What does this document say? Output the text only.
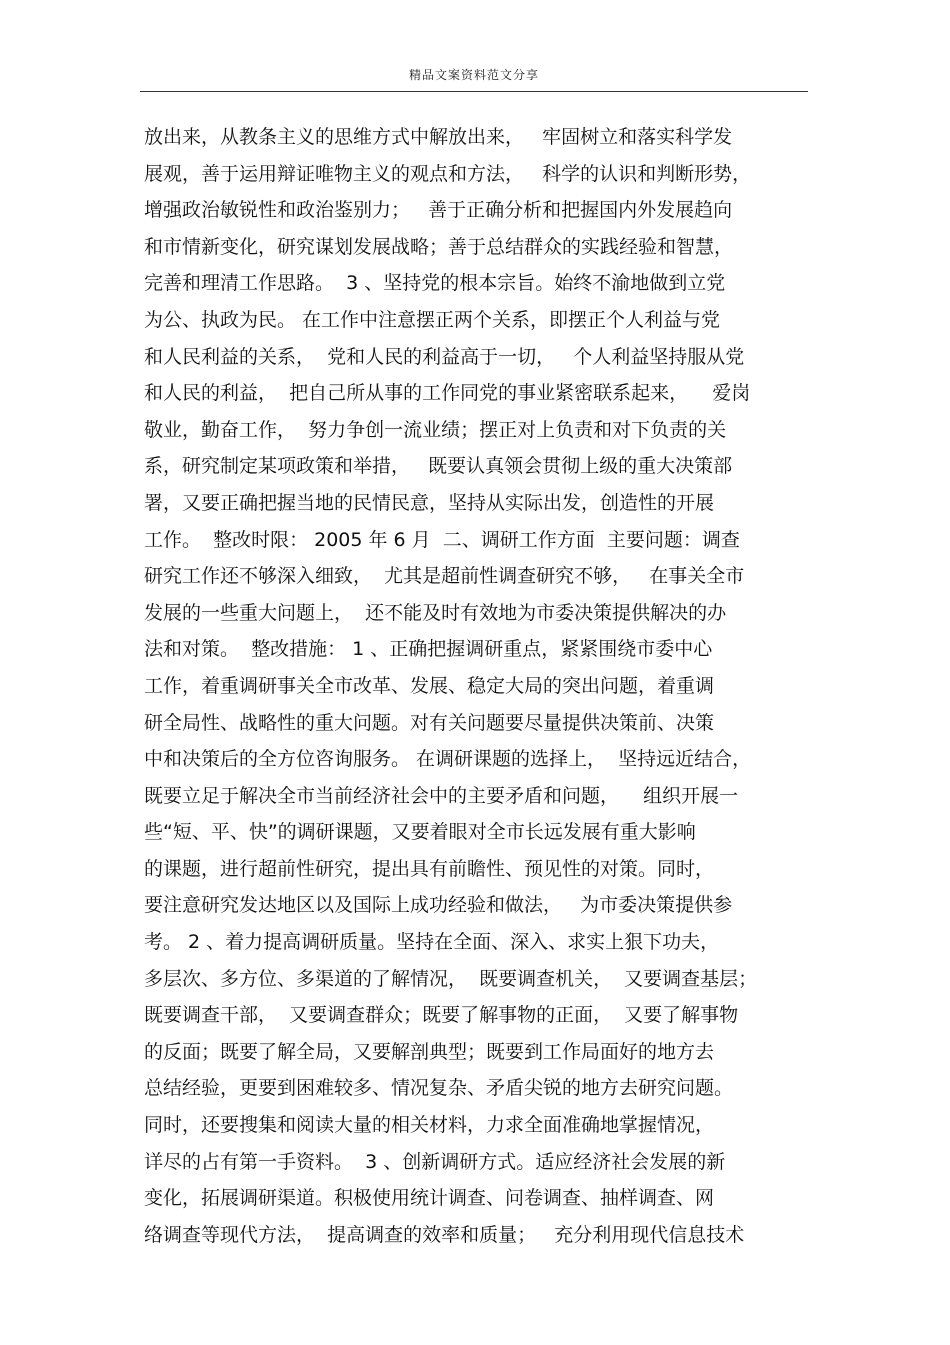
精品文案资料范文分享
放出来，从教条主义的思维方式中解放出来，   牢固树立和落实科学发
展观，善于运用辩证唯物主义的观点和方法，   科学的认识和判断形势，
增强政治敏锐性和政治鉴别力；   善于正确分析和把握国内外发展趋向
和市情新变化，研究谋划发展战略；善于总结群众的实践经验和智慧，
完善和理清工作思路。  3 、坚持党的根本宗旨。始终不渝地做到立党
为公、执政为民。 在工作中注意摆正两个关系，即摆正个人利益与党
和人民利益的关系，  党和人民的利益高于一切，   个人利益坚持服从党
和人民的利益，  把自己所从事的工作同党的事业紧密联系起来，    爱岗
敬业，勤奋工作，  努力争创一流业绩；摆正对上负责和对下负责的关
系，研究制定某项政策和举措，   既要认真领会贯彻上级的重大决策部
署，又要正确把握当地的民情民意，坚持从实际出发，创造性的开展
工作。  整改时限： 2005 年 6 月  二、调研工作方面  主要问题：调查
研究工作还不够深入细致，  尤其是超前性调查研究不够，   在事关全市
发展的一些重大问题上，  还不能及时有效地为市委决策提供解决的办
法和对策。  整改措施： 1 、正确把握调研重点，紧紧围绕市委中心
工作，着重调研事关全市改革、发展、稳定大局的突出问题，着重调
研全局性、战略性的重大问题。对有关问题要尽量提供决策前、决策
中和决策后的全方位咨询服务。 在调研课题的选择上，  坚持远近结合，
既要立足于解决全市当前经济社会中的主要矛盾和问题，    组织开展一
些“短、平、快”的调研课题，又要着眼对全市长远发展有重大影响
的课题，进行超前性研究，提出具有前瞻性、预见性的对策。同时，
要注意研究发达地区以及国际上成功经验和做法，   为市委决策提供参
考。 2 、着力提高调研质量。坚持在全面、深入、求实上狠下功夫，
多层次、多方位、多渠道的了解情况，  既要调查机关，  又要调查基层；
既要调查干部，  又要调查群众；既要了解事物的正面，  又要了解事物
的反面；既要了解全局，又要解剖典型；既要到工作局面好的地方去
总结经验，更要到困难较多、情况复杂、矛盾尖锐的地方去研究问题。
同时，还要搜集和阅读大量的相关材料，力求全面准确地掌握情况，
详尽的占有第一手资料。  3 、创新调研方式。适应经济社会发展的新
变化，拓展调研渠道。积极使用统计调查、问卷调查、抽样调查、网
络调查等现代方法，  提高调查的效率和质量；   充分利用现代信息技术
